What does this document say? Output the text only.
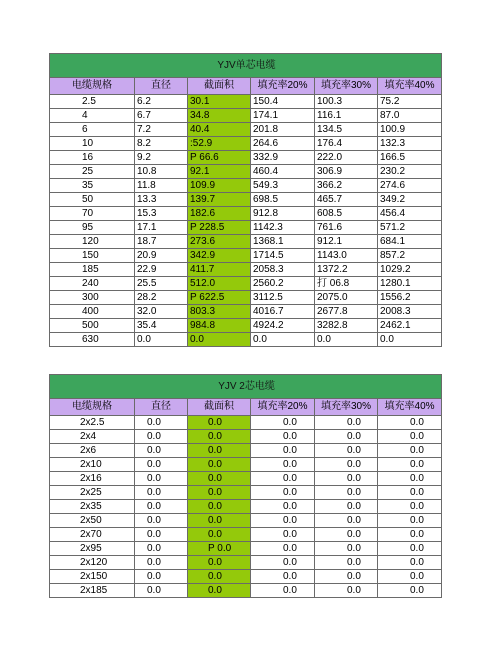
YJV单芯电缆					
电缆规格	直径	截面积	填充率20%	填充率30%	填充率40%
2.5	6.2	30.1	150.4	100.3	75.2
4	6.7	34.8	174.1	116.1	87.0
6	7.2	40.4	201.8	134.5	100.9
10	8.2	:52.9	264.6	176.4	132.3
16	9.2	P 66.6	332.9	222.0	166.5
25	10.8	92.1	460.4	306.9	230.2
35	11.8	109.9	549.3	366.2	274.6
50	13.3	139.7	698.5	465.7	349.2
70	15.3	182.6	912.8	608.5	456.4
95	17.1	P 228.5	1142.3	761.6	571.2
120	18.7	273.6	1368.1	912.1	684.1
150	20.9	342.9	1714.5	1143.0	857.2
185	22.9	411.7	2058.3	1372.2	1029.2
240	25.5	512.0	2560.2	打 06.8	1280.1
300	28.2	P 622.5	3112.5	2075.0	1556.2
400	32.0	803.3	4016.7	2677.8	2008.3
500	35.4	984.8	4924.2	3282.8	2462.1
630	0.0	0.0	0.0	0.0	0.0
YJV 2芯电缆					
电缆规格	直径	截面积	填充率20%	填充率30%	填充率40%
2x2.5	0.0	0.0	0.0	0.0	0.0
2x4	0.0	0.0	0.0	0.0	0.0
2x6	0.0	0.0	0.0	0.0	0.0
2x10	0.0	0.0	0.0	0.0	0.0
2x16	0.0	0.0	0.0	0.0	0.0
2x25	0.0	0.0	0.0	0.0	0.0
2x35	0.0	0.0	0.0	0.0	0.0
2x50	0.0	0.0	0.0	0.0	0.0
2x70	0.0	0.0	0.0	0.0	0.0
2x95	0.0	P 0.0	0.0	0.0	0.0
2x120	0.0	0.0	0.0	0.0	0.0
2x150	0.0	0.0	0.0	0.0	0.0
2x185	0.0	0.0	0.0	0.0	0.0
